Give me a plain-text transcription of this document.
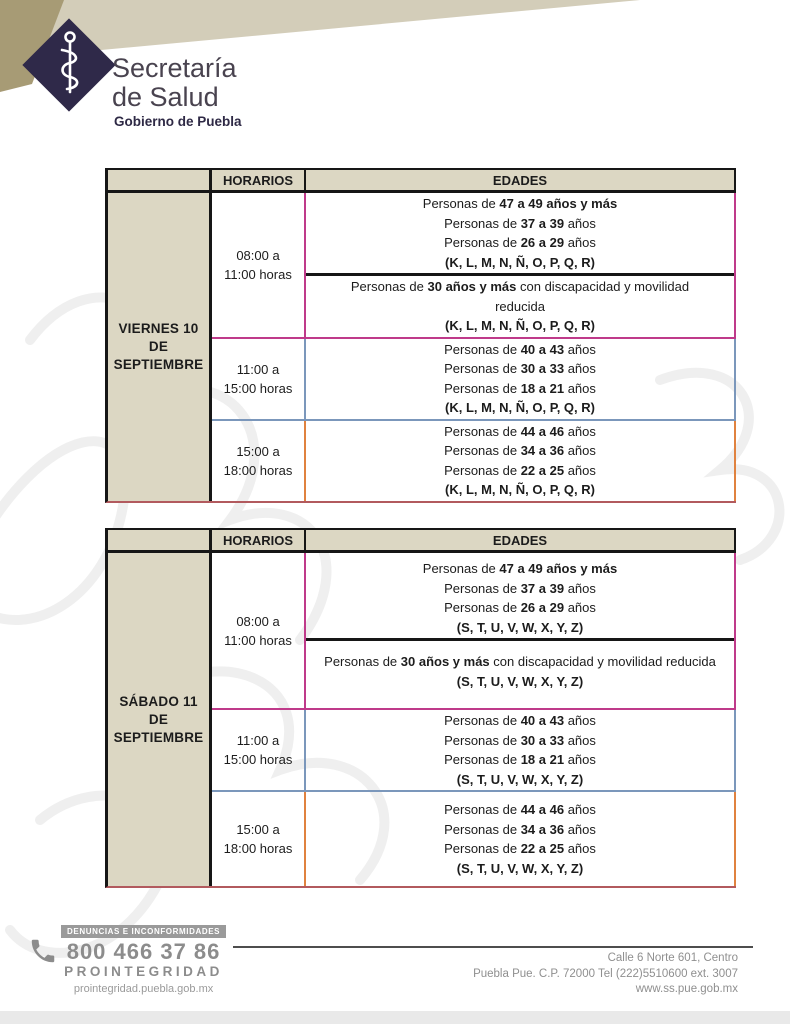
Secretaría
de Salud
Gobierno de Puebla
HORARIOS	EDADES
VIERNES 10
DE
SEPTIEMBRE
08:00 a
11:00 horas
Personas de 47 a 49 años y más
Personas de 37 a 39 años
Personas de 26 a 29 años
(K, L, M, N, Ñ, O, P, Q, R)
Personas de 30 años y más con discapacidad y movilidad reducida
(K, L, M, N, Ñ, O, P, Q, R)
11:00 a
15:00 horas
Personas de 40 a 43 años
Personas de 30 a 33 años
Personas de 18 a 21 años
(K, L, M, N, Ñ, O, P, Q, R)
15:00 a
18:00 horas
Personas de 44 a 46 años
Personas de 34 a 36 años
Personas de 22 a 25 años
(K, L, M, N, Ñ, O, P, Q, R)
HORARIOS	EDADES
SÁBADO 11
DE
SEPTIEMBRE
08:00 a
11:00 horas
Personas de 47 a 49 años y más
Personas de 37 a 39 años
Personas de 26 a 29 años
(S, T, U, V, W, X, Y, Z)
Personas de 30 años y más con discapacidad y movilidad reducida
(S, T, U, V, W, X, Y, Z)
11:00 a
15:00 horas
Personas de 40 a 43 años
Personas de 30 a 33 años
Personas de 18 a 21 años
(S, T, U, V, W, X, Y, Z)
15:00 a
18:00 horas
Personas de 44 a 46 años
Personas de 34 a 36 años
Personas de 22 a 25 años
(S, T, U, V, W, X, Y, Z)
DENUNCIAS E INCONFORMIDADES
800 466 37 86
PROINTEGRIDAD
prointegridad.puebla.gob.mx
Calle 6 Norte 601, Centro
Puebla Pue. C.P. 72000 Tel (222)5510600 ext. 3007
www.ss.pue.gob.mx
